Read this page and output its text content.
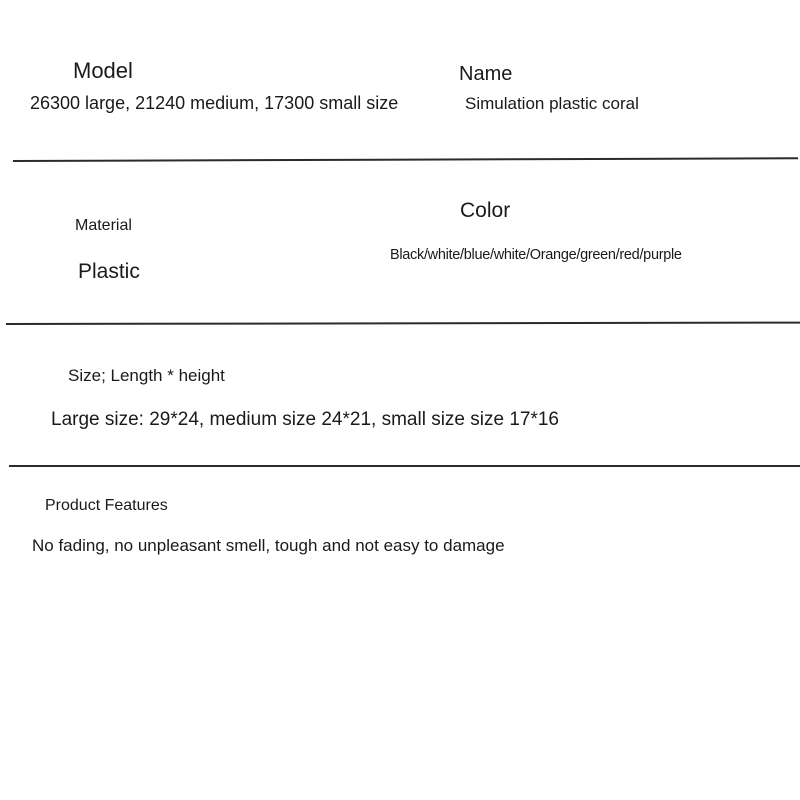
Model
26300 large, 21240 medium, 17300 small size
Name
Simulation plastic coral
Material
Plastic
Color
Black/white/blue/white/Orange/green/red/purple
Size; Length * height
Large size: 29*24, medium size 24*21, small size size 17*16
Product Features
No fading, no unpleasant smell, tough and not easy to damage
